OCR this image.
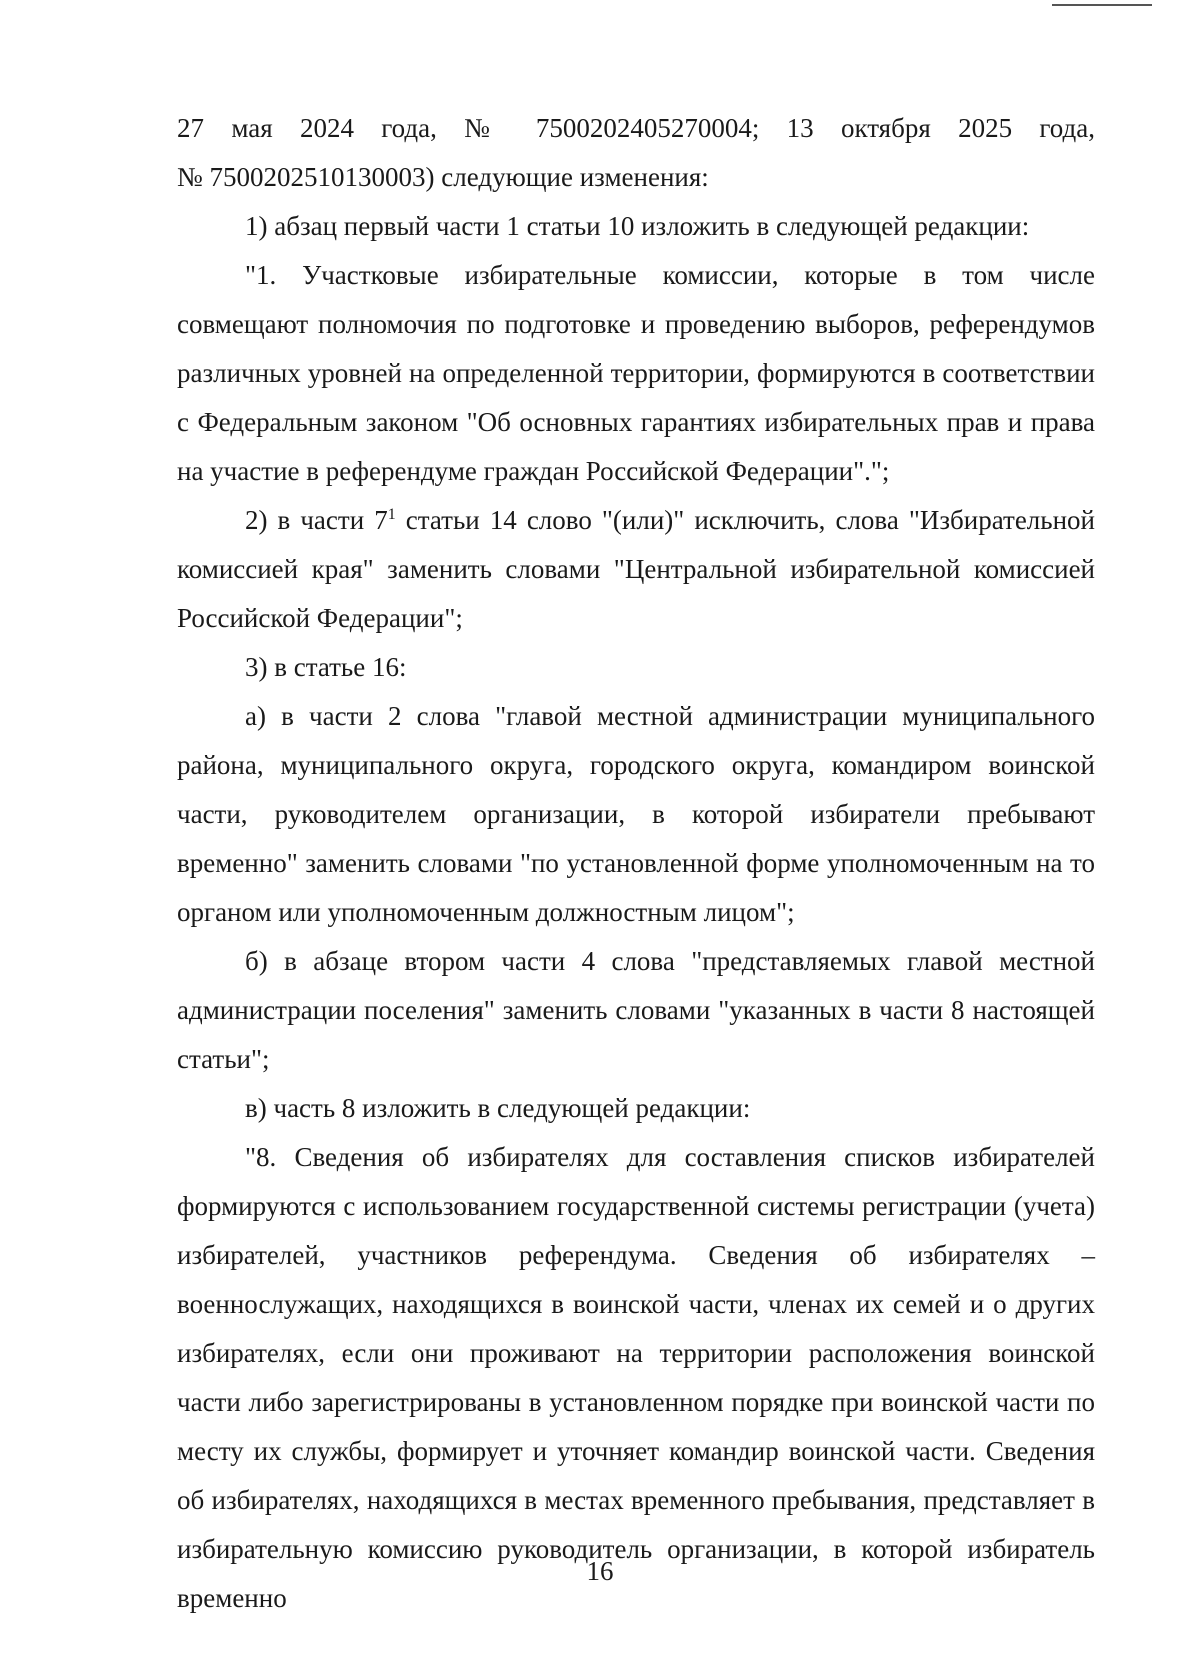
27 мая 2024 года, № 7500202405270004; 13 октября 2025 года,

№ 7500202510130003) следующие изменения:

1) абзац первый части 1 статьи 10 изложить в следующей редакции:

"1. Участковые избирательные комиссии, которые в том числе совмещают полномочия по подготовке и проведению выборов, референдумов различных уровней на определенной территории, формируются в соответствии с Федеральным законом "Об основных гарантиях избирательных прав и права на участие в референдуме граждан Российской Федерации".";

2) в части $7^1$ статьи 14 слово "(или)" исключить, слова "Избирательной комиссией края" заменить словами "Центральной избирательной комиссией Российской Федерации";

3) в статье 16:

а) в части 2 слова "главой местной администрации муниципального района, муниципального округа, городского округа, командиром воинской части, руководителем организации, в которой избиратели пребывают временно" заменить словами "по установленной форме уполномоченным на то органом или уполномоченным должностным лицом";

б) в абзаце втором части 4 слова "представляемых главой местной администрации поселения" заменить словами "указанных в части 8 настоящей статьи";

в) часть 8 изложить в следующей редакции:

"8. Сведения об избирателях для составления списков избирателей формируются с использованием государственной системы регистрации (учета) избирателей, участников референдума. Сведения об избирателях – военнослужащих, находящихся в воинской части, членах их семей и о других избирателях, если они проживают на территории расположения воинской части либо зарегистрированы в установленном порядке при воинской части по месту их службы, формирует и уточняет командир воинской части. Сведения об избирателях, находящихся в местах временного пребывания, представляет в избирательную комиссию руководитель организации, в которой избиратель временно

16
